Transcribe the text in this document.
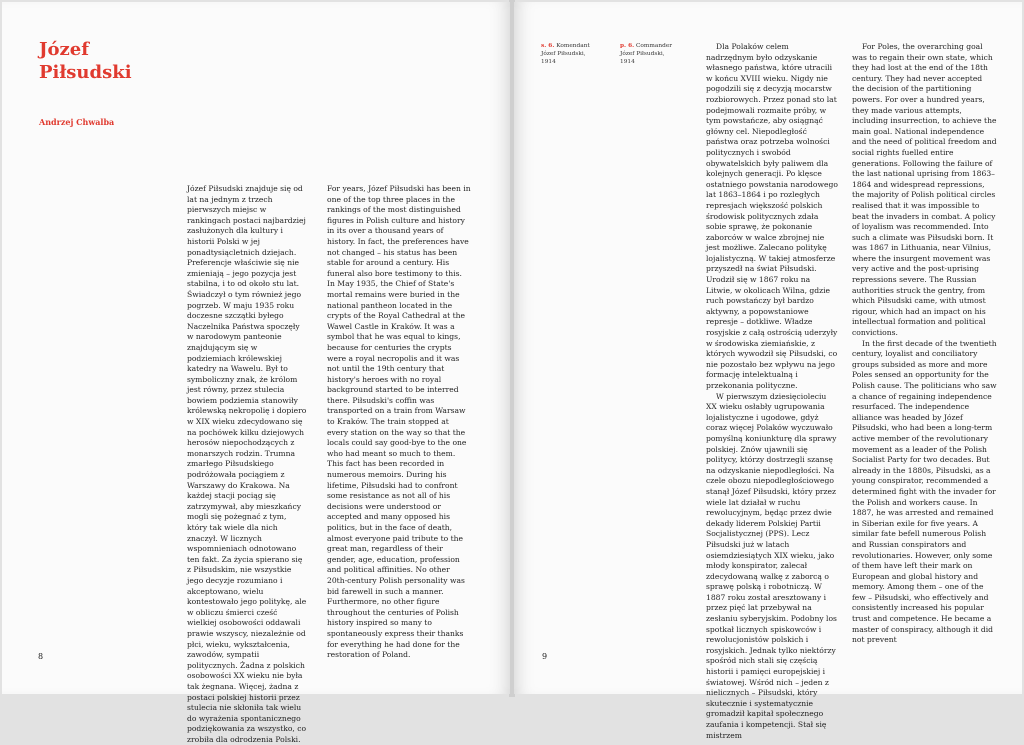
Józef
Piłsudski
Andrzej Chwalba

Józef Piłsudski znajduje się od lat na jednym z trzech pierwszych miejsc w rankingach postaci najbardziej zasłużonych dla kultury i historii Polski w jej ponadtysiącletnich dziejach. Preferencje właściwie się nie zmieniają – jego pozycja jest stabilna, i to od około stu lat. Świadczył o tym również jego pogrzeb. W maju 1935 roku doczesne szczątki byłego Naczelnika Państwa spoczęły w narodowym panteonie znajdującym się w podziemiach królewskiej katedry na Wawelu. Był to symboliczny znak, że królom jest równy, przez stulecia bowiem podziemia stanowiły królewską nekropolię i dopiero w XIX wieku zdecydowano się na pochówek kilku dziejowych herosów niepochodzących z monarszych rodzin. Trumna zmarłego Piłsudskiego podróżowała pociągiem z Warszawy do Krakowa. Na każdej stacji pociąg się zatrzymywał, aby mieszkańcy mogli się pożegnać z tym, który tak wiele dla nich znaczył. W licznych wspomnieniach odnotowano ten fakt. Za życia spierano się z Piłsudskim, nie wszystkie jego decyzje rozumiano i akceptowano, wielu kontestowało jego politykę, ale w obliczu śmierci cześć wielkiej osobowości oddawali prawie wszyscy, niezależnie od płci, wieku, wykształcenia, zawodów, sympatii politycznych. Żadna z polskich osobowości XX wieku nie była tak żegnana. Więcej, żadna z postaci polskiej historii przez stulecia nie skłoniła tak wielu do wyrażenia spontanicznego podziękowania za wszystko, co zrobiła dla odrodzenia Polski.

For years, Józef Piłsudski has been in one of the top three places in the rankings of the most distinguished figures in Polish culture and history in its over a thousand years of history. In fact, the preferences have not changed – his status has been stable for around a century. His funeral also bore testimony to this. In May 1935, the Chief of State's mortal remains were buried in the national pantheon located in the crypts of the Royal Cathedral at the Wawel Castle in Kraków. It was a symbol that he was equal to kings, because for centuries the crypts were a royal necropolis and it was not until the 19th century that history's heroes with no royal background started to be interred there. Piłsudski's coffin was transported on a train from Warsaw to Kraków. The train stopped at every station on the way so that the locals could say good-bye to the one who had meant so much to them. This fact has been recorded in numerous memoirs. During his lifetime, Piłsudski had to confront some resistance as not all of his decisions were understood or accepted and many opposed his politics, but in the face of death, almost everyone paid tribute to the great man, regardless of their gender, age, education, profession and political affinities. No other 20th-century Polish personality was bid farewell in such a manner. Furthermore, no other figure throughout the centuries of Polish history inspired so many to spontaneously express their thanks for everything he had done for the restoration of Poland.

8
s. 6. Komendant Józef Piłsudski, 1914
p. 6. Commander Józef Piłsudski, 1914

Dla Polaków celem nadrzędnym było odzyskanie własnego państwa, które utracili w końcu XVIII wieku. Nigdy nie pogodzili się z decyzją mocarstw rozbiorowych. Przez ponad sto lat podejmowali rozmaite próby, w tym powstańcze, aby osiągnąć główny cel. Niepodległość państwa oraz potrzeba wolności politycznych i swobód obywatelskich były paliwem dla kolejnych generacji. Po klęsce ostatniego powstania narodowego lat 1863–1864 i po rozległych represjach większość polskich środowisk politycznych zdała sobie sprawę, że pokonanie zaborców w walce zbrojnej nie jest możliwe. Zalecano politykę lojalistyczną. W takiej atmosferze przyszedł na świat Piłsudski. Urodził się w 1867 roku na Litwie, w okolicach Wilna, gdzie ruch powstańczy był bardzo aktywny, a popowstaniowe represje – dotkliwe. Władze rosyjskie z całą ostrością uderzyły w środowiska ziemiańskie, z których wywodził się Piłsudski, co nie pozostało bez wpływu na jego formację intelektualną i przekonania polityczne.

W pierwszym dziesięcioleciu XX wieku osłabły ugrupowania lojalistyczne i ugodowe, gdyż coraz więcej Polaków wyczuwało pomyślną koniunkturę dla sprawy polskiej. Znów ujawnili się politycy, którzy dostrzegli szansę na odzyskanie niepodległości. Na czele obozu niepodległościowego stanął Józef Piłsudski, który przez wiele lat działał w ruchu rewolucyjnym, będąc przez dwie dekady liderem Polskiej Partii Socjalistycznej (PPS). Lecz Piłsudski już w latach osiemdziesiątych XIX wieku, jako młody konspirator, zalecał zdecydowaną walkę z zaborcą o sprawę polską i robotniczą. W 1887 roku został aresztowany i przez pięć lat przebywał na zesłaniu syberyjskim. Podobny los spotkał licznych spiskowców i rewolucjonistów polskich i rosyjskich. Jednak tylko niektórzy spośród nich stali się częścią historii i pamięci europejskiej i światowej. Wśród nich – jeden z nielicznych – Piłsudski, który skutecznie i systematycznie gromadził kapitał społecznego zaufania i kompetencji. Stał się mistrzem

For Poles, the overarching goal was to regain their own state, which they had lost at the end of the 18th century. They had never accepted the decision of the partitioning powers. For over a hundred years, they made various attempts, including insurrection, to achieve the main goal. National independence and the need of political freedom and social rights fuelled entire generations. Following the failure of the last national uprising from 1863–1864 and widespread repressions, the majority of Polish political circles realised that it was impossible to beat the invaders in combat. A policy of loyalism was recommended. Into such a climate was Piłsudski born. It was 1867 in Lithuania, near Vilnius, where the insurgent movement was very active and the post-uprising repressions severe. The Russian authorities struck the gentry, from which Piłsudski came, with utmost rigour, which had an impact on his intellectual formation and political convictions.

In the first decade of the twentieth century, loyalist and conciliatory groups subsided as more and more Poles sensed an opportunity for the Polish cause. The politicians who saw a chance of regaining independence resurfaced. The independence alliance was headed by Józef Piłsudski, who had been a long-term active member of the revolutionary movement as a leader of the Polish Socialist Party for two decades. But already in the 1880s, Piłsudski, as a young conspirator, recommended a determined fight with the invader for the Polish and workers cause. In 1887, he was arrested and remained in Siberian exile for five years. A similar fate befell numerous Polish and Russian conspirators and revolutionaries. However, only some of them have left their mark on European and global history and memory. Among them – one of the few – Piłsudski, who effectively and consistently increased his popular trust and competence. He became a master of conspiracy, although it did not prevent

9
